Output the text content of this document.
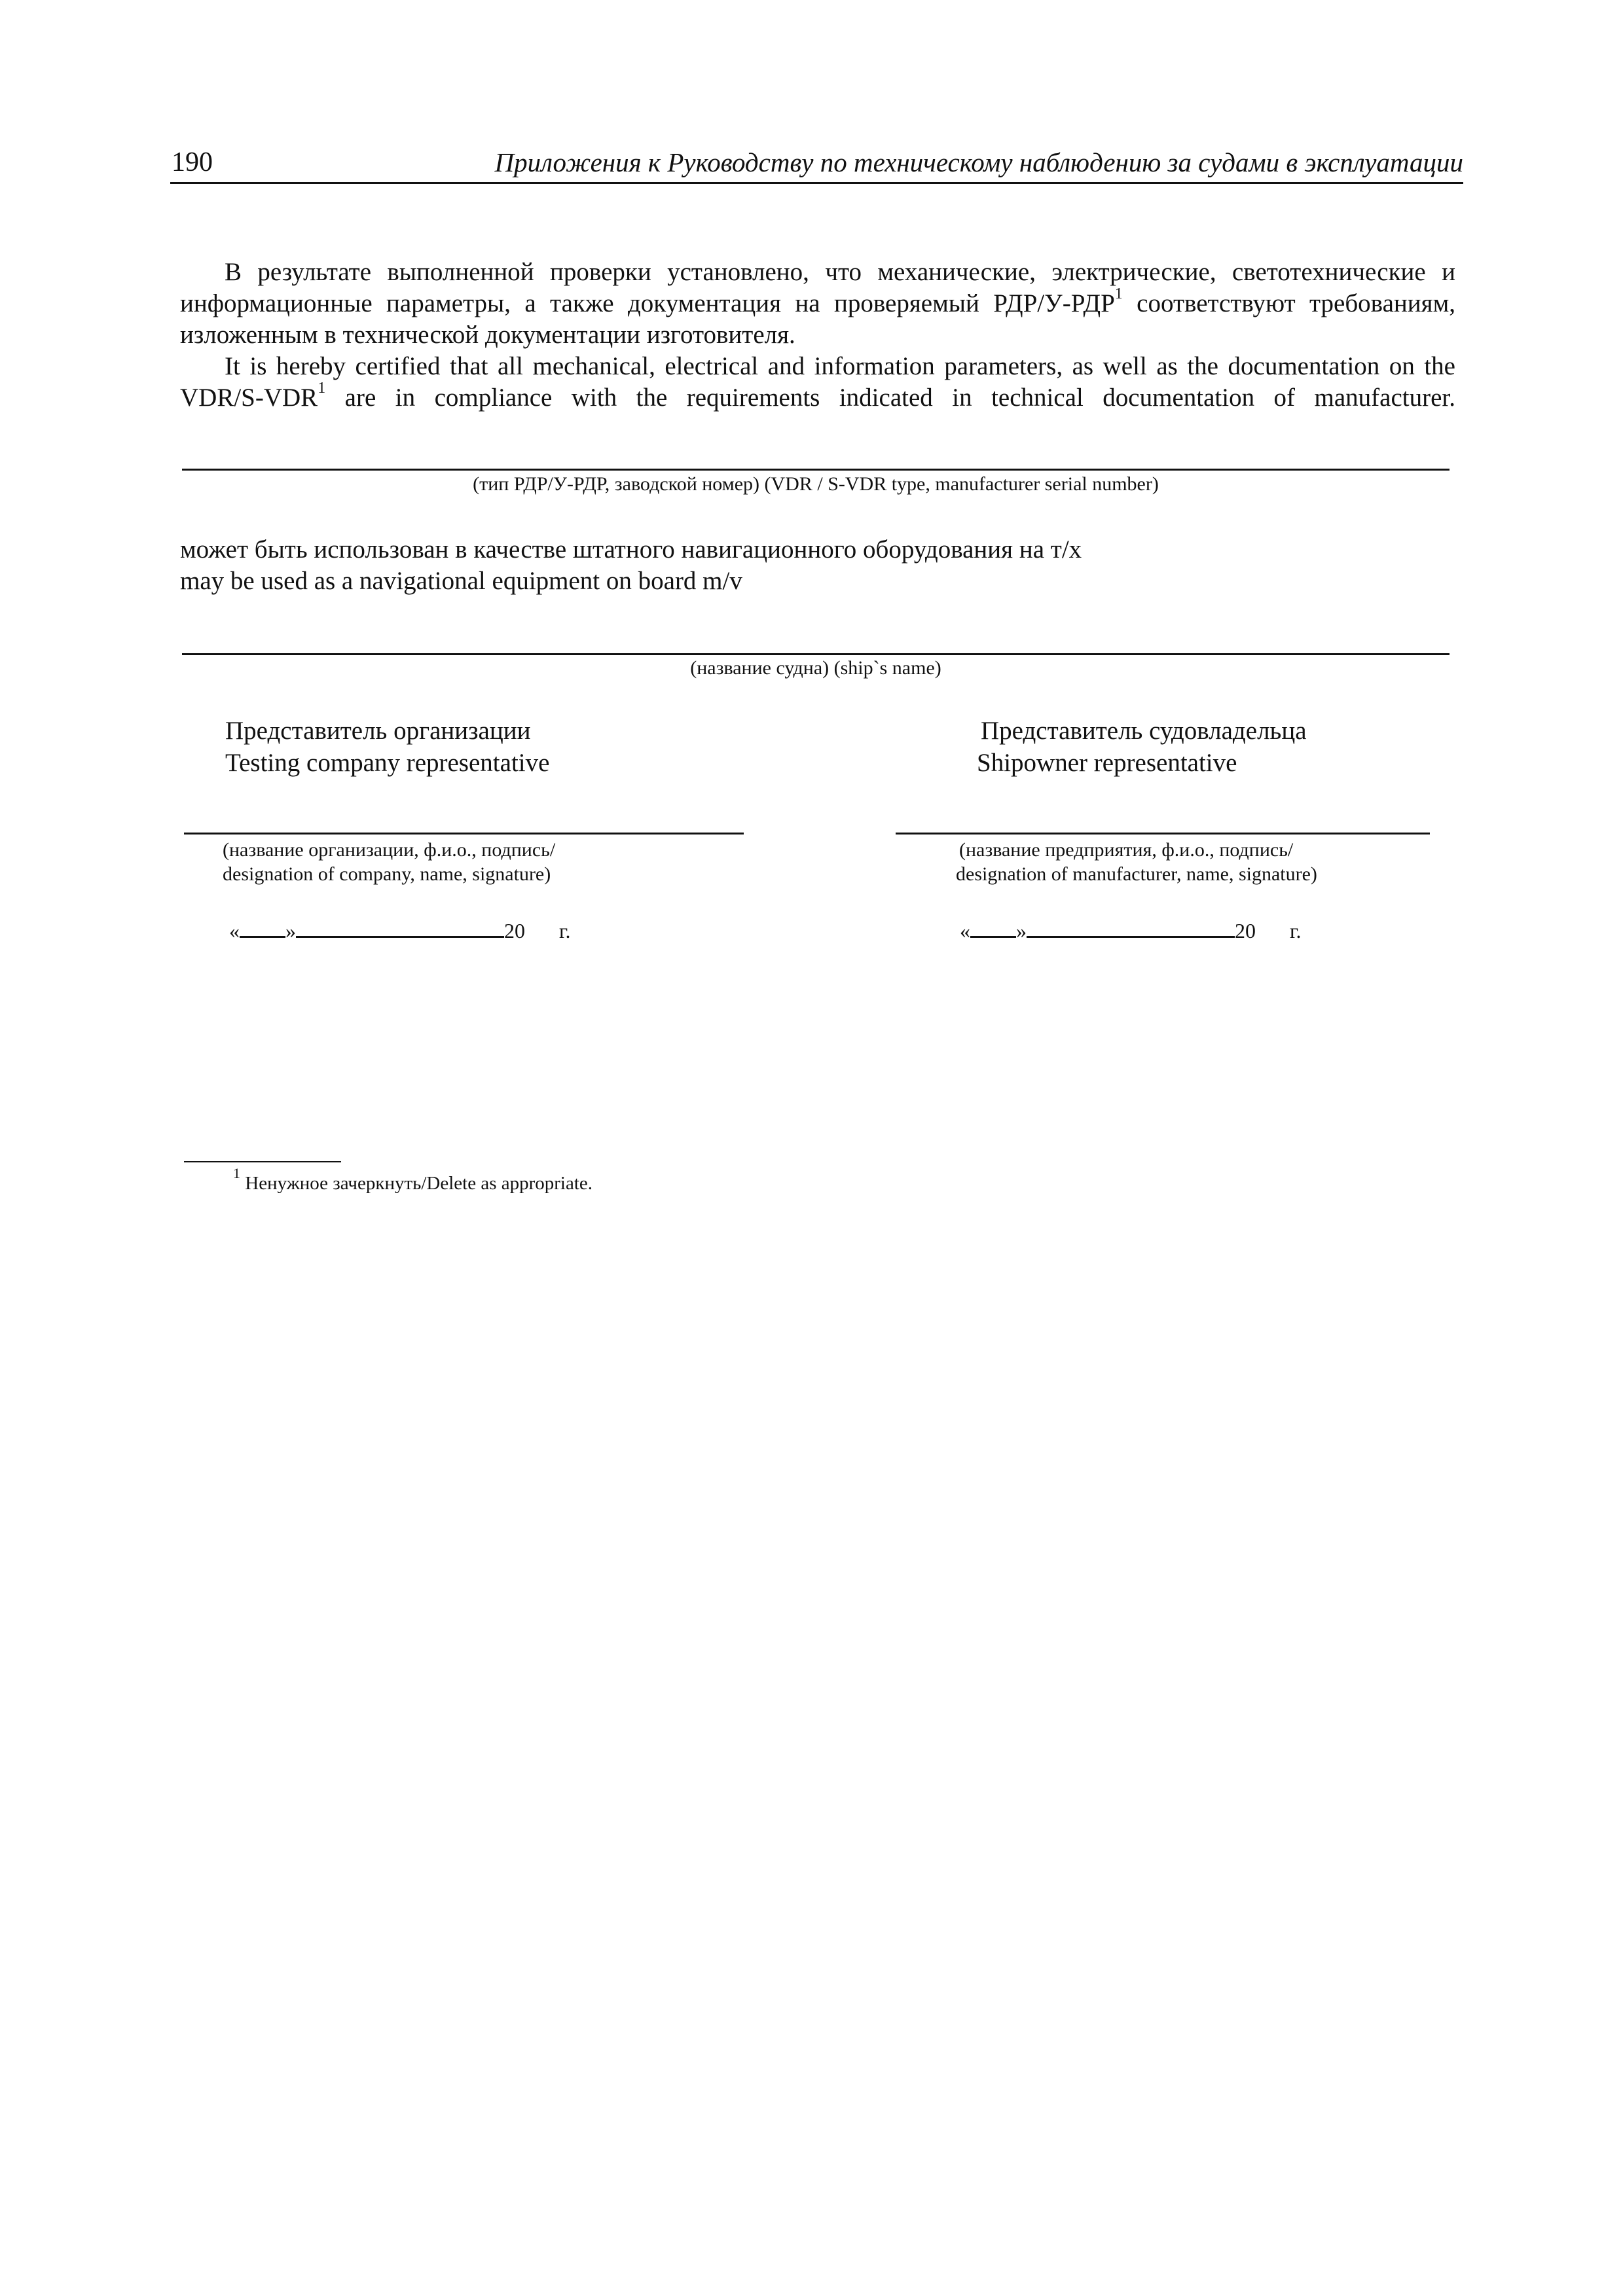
190	Приложения к Руководству по техническому наблюдению за судами в эксплуатации

В результате выполненной проверки установлено, что механические, электрические, светотехнические и информационные параметры, а также документация на проверяемый РДР/У-РДР$^1$ соответствуют требованиям, изложенным в технической документации изготовителя.

It is hereby certified that all mechanical, electrical and information parameters, as well as the documentation on the VDR/S-VDR$^1$ are in compliance with the requirements indicated in technical documentation of manufacturer.

(тип РДР/У-РДР, заводской номер) (VDR / S-VDR type, manufacturer serial number)
может быть использован в качестве штатного навигационного оборудования на т/х
may be used as a navigational equipment on board m/v
(название судна) (ship`s name)
Представитель организации
Testing company representative
(название организации, ф.и.о., подпись/
designation of company, name, signature)
« »	20 г.
Представитель судовладельца
Shipowner representative
(название предприятия, ф.и.о., подпись/
designation of manufacturer, name, signature)
« »	20 г.
$^1$ Ненужное зачеркнуть/Delete as appropriate.
